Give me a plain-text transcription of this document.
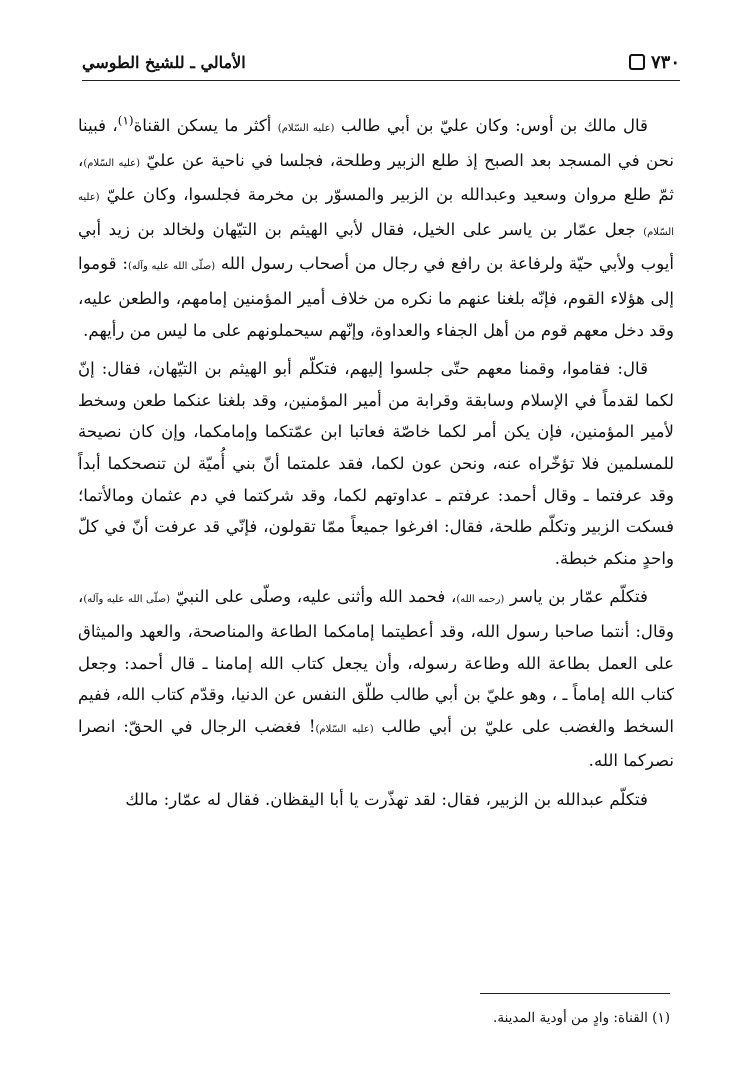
الأمالي ـ للشيخ الطوسي	٧٣٠

قال مالك بن أوس: وكان عليّ بن أبي طالب (عليه السّلام) أكثر ما يسكن القناة$^{(١)}$، فبينا نحن في المسجد بعد الصبح إذ طلع الزبير وطلحة، فجلسا في ناحية عن عليّ (عليه السّلام)، ثمّ طلع مروان وسعيد وعبدالله بن الزبير والمسوّر بن مخرمة فجلسوا، وكان عليّ (عليه السّلام) جعل عمّار بن ياسر على الخيل، فقال لأبي الهيثم بن التيّهان ولخالد بن زيد أبي أيوب ولأبي حيّة ولرفاعة بن رافع في رجال من أصحاب رسول الله (صلّى الله عليه وآله): قوموا إلى هؤلاء القوم، فإنّه بلغنا عنهم ما نكره من خلاف أمير المؤمنين إمامهم، والطعن عليه، وقد دخل معهم قوم من أهل الجفاء والعداوة، وإنّهم سيحملونهم على ما ليس من رأيهم.

قال: فقاموا، وقمنا معهم حتّى جلسوا إليهم، فتكلّم أبو الهيثم بن التيّهان، فقال: إنّ لكما لقدماً في الإسلام وسابقة وقرابة من أمير المؤمنين، وقد بلغنا عنكما طعن وسخط لأمير المؤمنين، فإن يكن أمر لكما خاصّة فعاتبا ابن عمّتكما وإمامكما، وإن كان نصيحة للمسلمين فلا تؤخّراه عنه، ونحن عون لكما، فقد علمتما أنّ بني أُميّة لن تنصحكما أبداً وقد عرفتما ـ وقال أحمد: عرفتم ـ عداوتهم لكما، وقد شركتما في دم عثمان ومالأتما؛ فسكت الزبير وتكلّم طلحة، فقال: افرغوا جميعاً ممّا تقولون، فإنّي قد عرفت أنّ في كلّ واحدٍ منكم خبطة.

فتكلّم عمّار بن ياسر (رحمه الله)، فحمد الله وأثنى عليه، وصلّى على النبيّ (صلّى الله عليه وآله)، وقال: أنتما صاحبا رسول الله، وقد أعطيتما إمامكما الطاعة والمناصحة، والعهد والميثاق على العمل بطاعة الله وطاعة رسوله، وأن يجعل كتاب الله إمامنا ـ قال أحمد: وجعل كتاب الله إماماً ـ ، وهو عليّ بن أبي طالب طلّق النفس عن الدنيا، وقدّم كتاب الله، ففيم السخط والغضب على عليّ بن أبي طالب (عليه السّلام)! فغضب الرجال في الحقّ: انصرا نصركما الله.

فتكلّم عبدالله بن الزبير، فقال: لقد تهذّرت يا أبا اليقظان. فقال له عمّار: مالك

(١) القناة: وادٍ من أودية المدينة.
